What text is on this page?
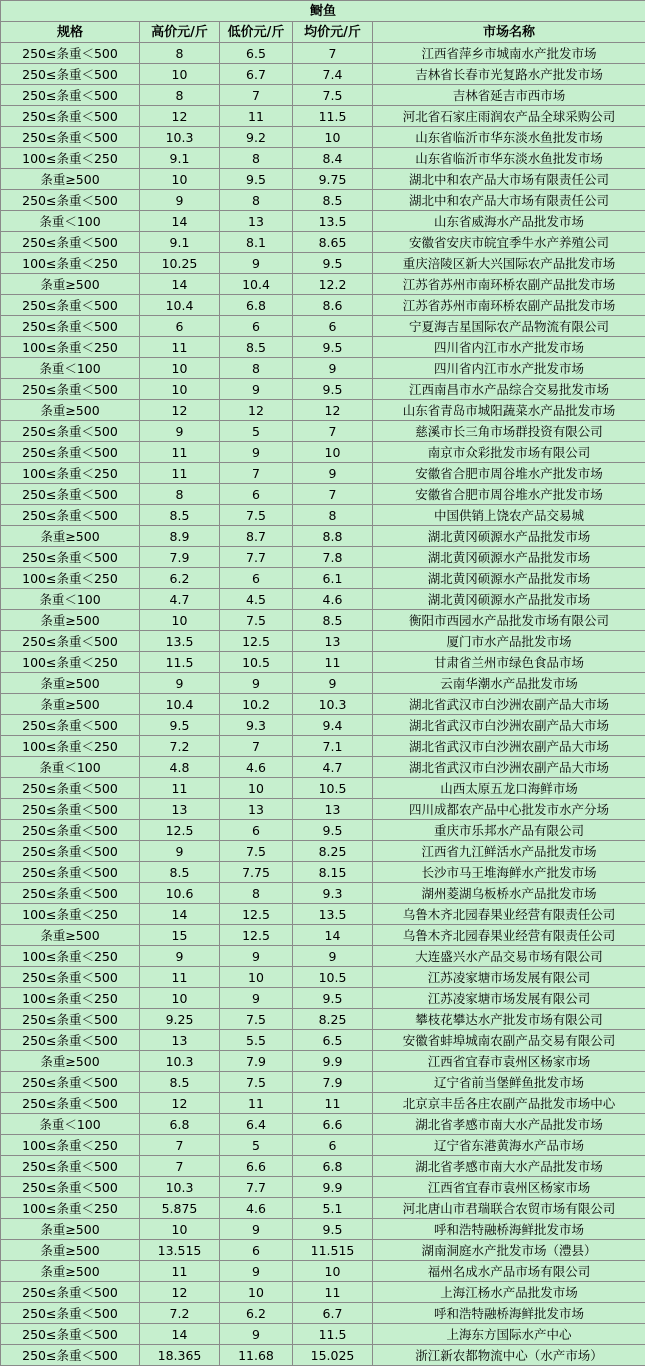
鲥鱼				
规格	高价元/斤	低价元/斤	均价元/斤	市场名称
250≤条重＜500	8	6.5	7	江西省萍乡市城南水产批发市场
250≤条重＜500	10	6.7	7.4	吉林省长春市光复路水产批发市场
250≤条重＜500	8	7	7.5	吉林省延吉市西市场
250≤条重＜500	12	11	11.5	河北省石家庄雨润农产品全球采购公司
250≤条重＜500	10.3	9.2	10	山东省临沂市华东淡水鱼批发市场
100≤条重＜250	9.1	8	8.4	山东省临沂市华东淡水鱼批发市场
条重≥500	10	9.5	9.75	湖北中和农产品大市场有限责任公司
250≤条重＜500	9	8	8.5	湖北中和农产品大市场有限责任公司
条重＜100	14	13	13.5	山东省威海水产品批发市场
250≤条重＜500	9.1	8.1	8.65	安徽省安庆市皖宜季牛水产养殖公司
100≤条重＜250	10.25	9	9.5	重庆涪陵区新大兴国际农产品批发市场
条重≥500	14	10.4	12.2	江苏省苏州市南环桥农副产品批发市场
250≤条重＜500	10.4	6.8	8.6	江苏省苏州市南环桥农副产品批发市场
250≤条重＜500	6	6	6	宁夏海吉星国际农产品物流有限公司
100≤条重＜250	11	8.5	9.5	四川省内江市水产批发市场
条重＜100	10	8	9	四川省内江市水产批发市场
250≤条重＜500	10	9	9.5	江西南昌市水产品综合交易批发市场
条重≥500	12	12	12	山东省青岛市城阳蔬菜水产品批发市场
250≤条重＜500	9	5	7	慈溪市长三角市场群投资有限公司
250≤条重＜500	11	9	10	南京市众彩批发市场有限公司
100≤条重＜250	11	7	9	安徽省合肥市周谷堆水产批发市场
250≤条重＜500	8	6	7	安徽省合肥市周谷堆水产批发市场
250≤条重＜500	8.5	7.5	8	中国供销上饶农产品交易城
条重≥500	8.9	8.7	8.8	湖北黄冈硕源水产品批发市场
250≤条重＜500	7.9	7.7	7.8	湖北黄冈硕源水产品批发市场
100≤条重＜250	6.2	6	6.1	湖北黄冈硕源水产品批发市场
条重＜100	4.7	4.5	4.6	湖北黄冈硕源水产品批发市场
条重≥500	10	7.5	8.5	衡阳市西园水产品批发市场有限公司
250≤条重＜500	13.5	12.5	13	厦门市水产品批发市场
100≤条重＜250	11.5	10.5	11	甘肃省兰州市绿色食品市场
条重≥500	9	9	9	云南华潮水产品批发市场
条重≥500	10.4	10.2	10.3	湖北省武汉市白沙洲农副产品大市场
250≤条重＜500	9.5	9.3	9.4	湖北省武汉市白沙洲农副产品大市场
100≤条重＜250	7.2	7	7.1	湖北省武汉市白沙洲农副产品大市场
条重＜100	4.8	4.6	4.7	湖北省武汉市白沙洲农副产品大市场
250≤条重＜500	11	10	10.5	山西太原五龙口海鲜市场
250≤条重＜500	13	13	13	四川成都农产品中心批发市水产分场
250≤条重＜500	12.5	6	9.5	重庆市乐邦水产品有限公司
250≤条重＜500	9	7.5	8.25	江西省九江鲜活水产品批发市场
250≤条重＜500	8.5	7.75	8.15	长沙市马王堆海鲜水产批发市场
250≤条重＜500	10.6	8	9.3	湖州菱湖乌板桥水产品批发市场
100≤条重＜250	14	12.5	13.5	乌鲁木齐北园春果业经营有限责任公司
条重≥500	15	12.5	14	乌鲁木齐北园春果业经营有限责任公司
100≤条重＜250	9	9	9	大连盛兴水产品交易市场有限公司
250≤条重＜500	11	10	10.5	江苏凌家塘市场发展有限公司
100≤条重＜250	10	9	9.5	江苏凌家塘市场发展有限公司
250≤条重＜500	9.25	7.5	8.25	攀枝花攀达水产批发市场有限公司
250≤条重＜500	13	5.5	6.5	安徽省蚌埠城南农副产品交易有限公司
条重≥500	10.3	7.9	9.9	江西省宜春市袁州区杨家市场
250≤条重＜500	8.5	7.5	7.9	辽宁省前当堡鲜鱼批发市场
250≤条重＜500	12	11	11	北京京丰岳各庄农副产品批发市场中心
条重＜100	6.8	6.4	6.6	湖北省孝感市南大水产品批发市场
100≤条重＜250	7	5	6	辽宁省东港黄海水产品市场
250≤条重＜500	7	6.6	6.8	湖北省孝感市南大水产品批发市场
250≤条重＜500	10.3	7.7	9.9	江西省宜春市袁州区杨家市场
100≤条重＜250	5.875	4.6	5.1	河北唐山市君瑞联合农贸市场有限公司
条重≥500	10	9	9.5	呼和浩特融桥海鲜批发市场
条重≥500	13.515	6	11.515	湖南洞庭水产批发市场（澧县）
条重≥500	11	9	10	福州名成水产品市场有限公司
250≤条重＜500	12	10	11	上海江杨水产品批发市场
250≤条重＜500	7.2	6.2	6.7	呼和浩特融桥海鲜批发市场
250≤条重＜500	14	9	11.5	上海东方国际水产中心
250≤条重＜500	18.365	11.68	15.025	浙江新农都物流中心（水产市场）
